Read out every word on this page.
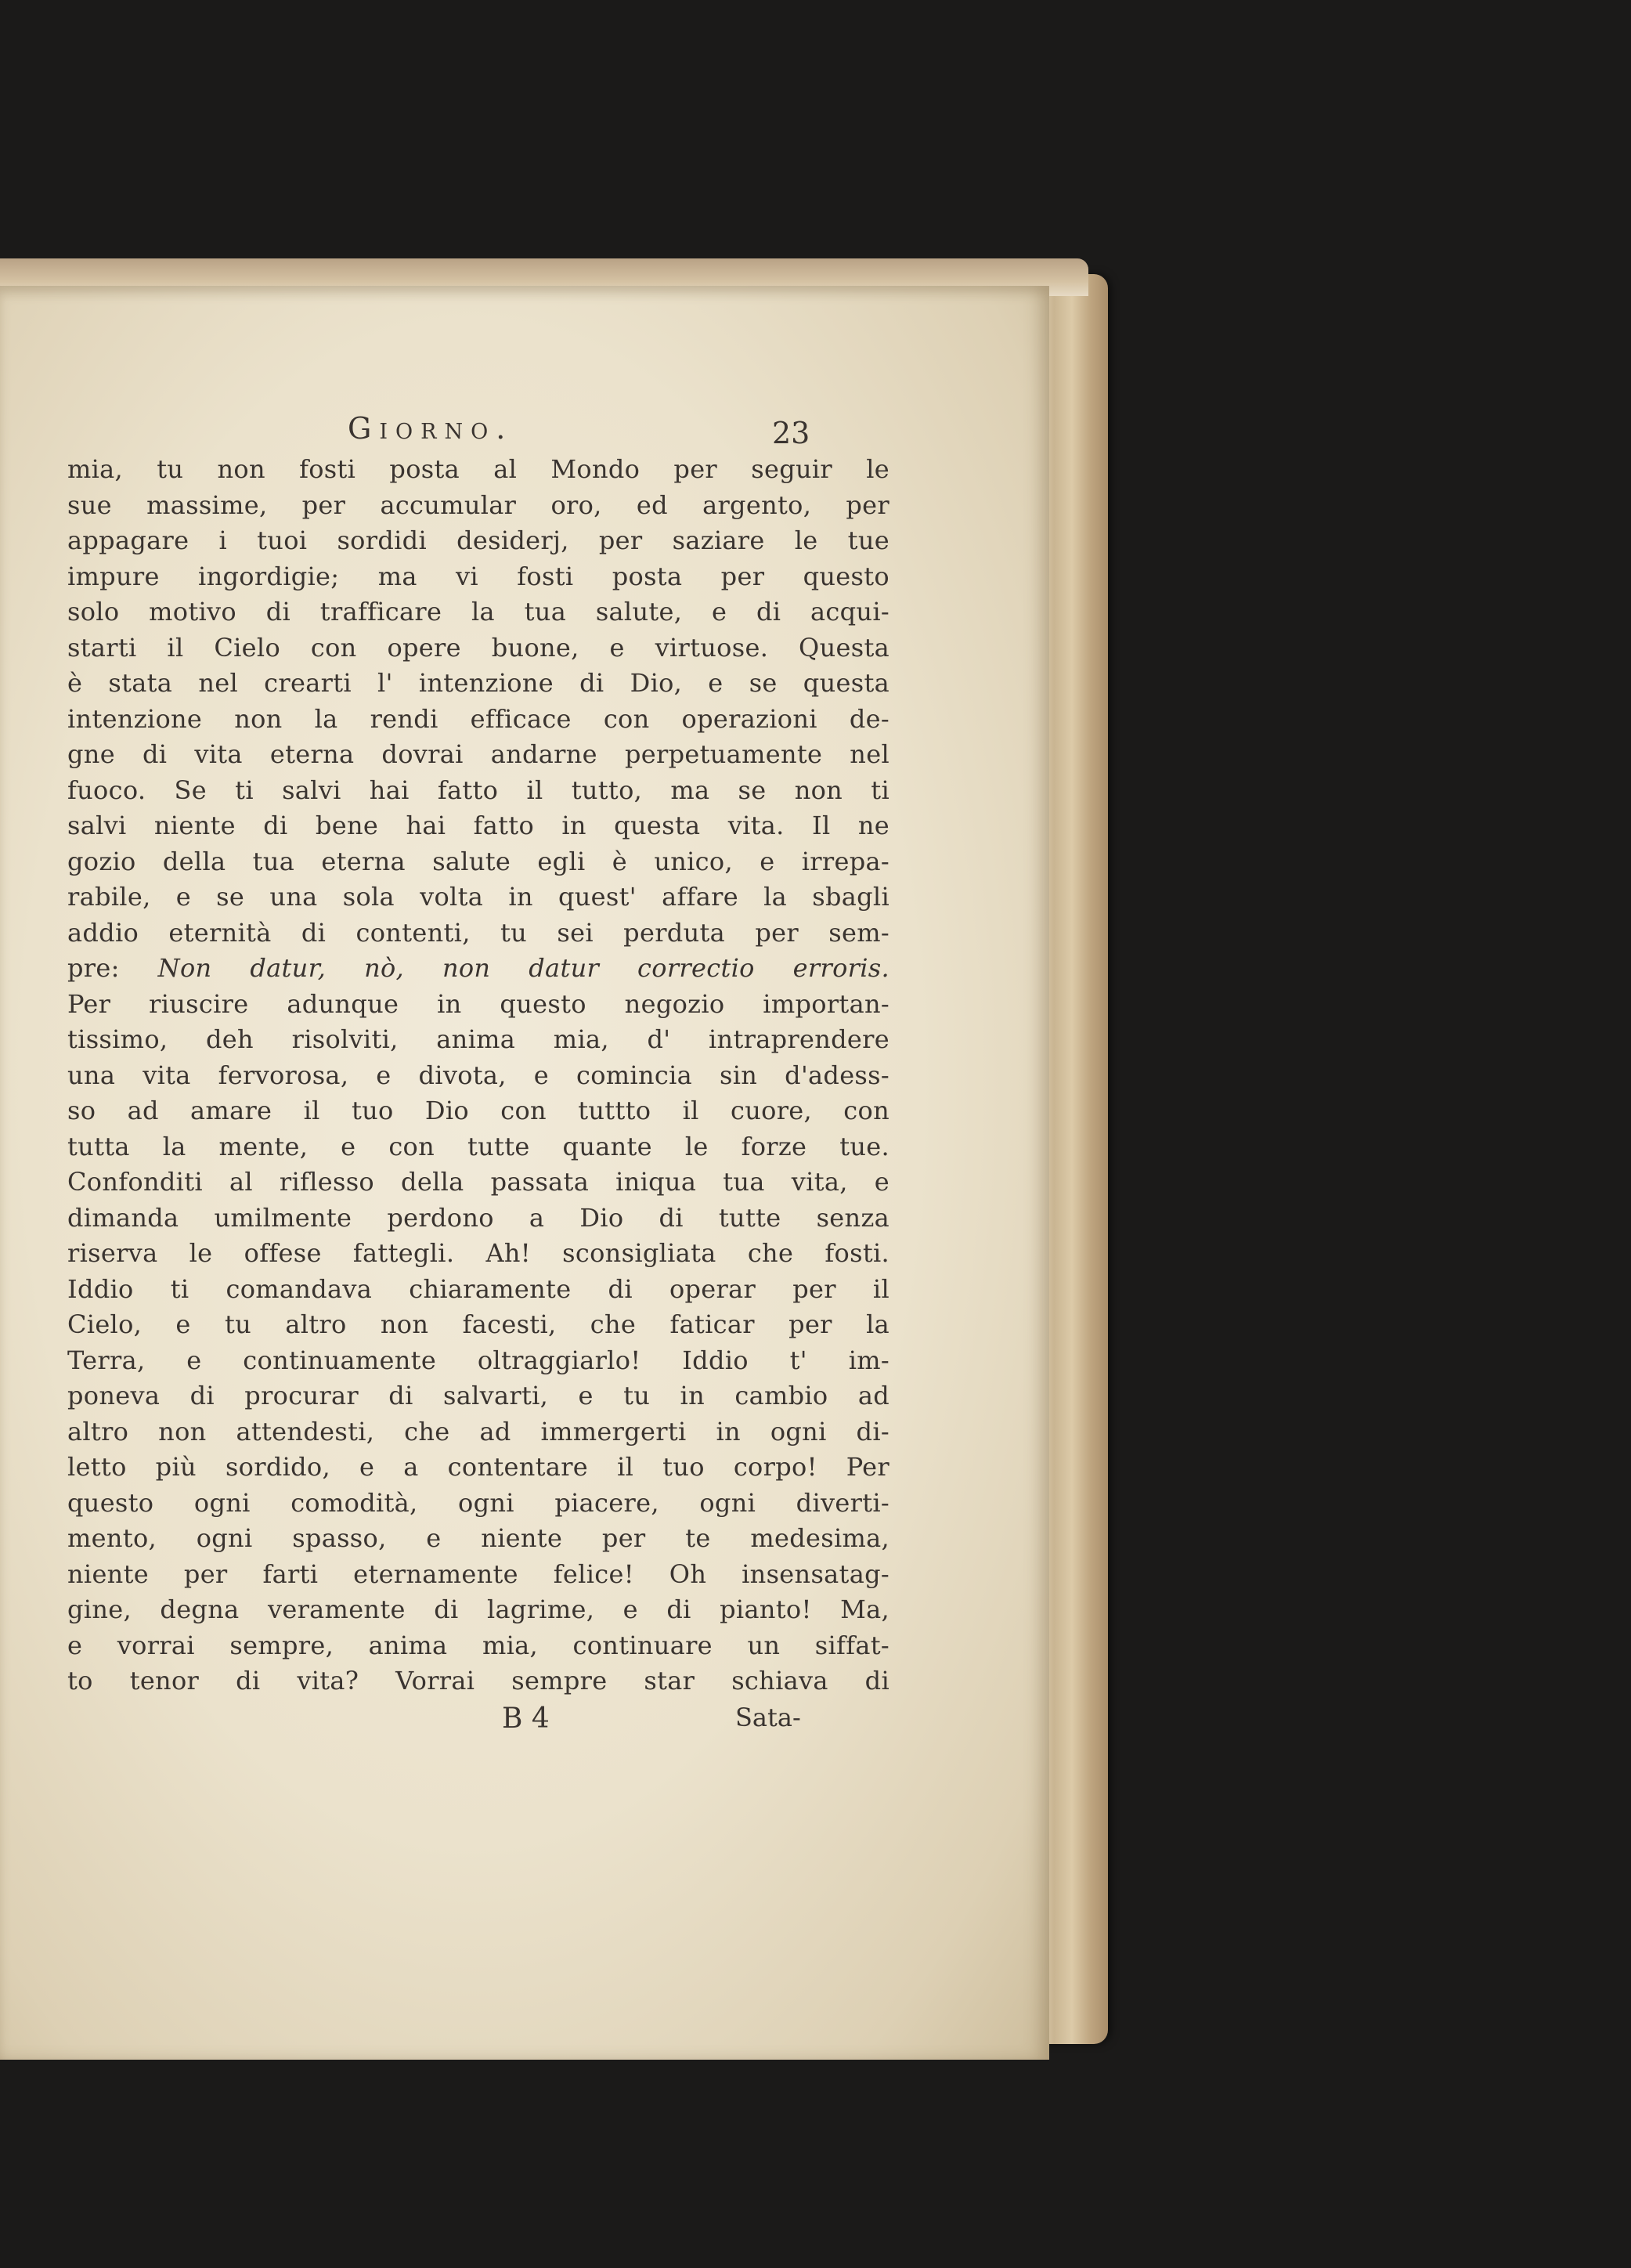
Giorno.	23
mia, tu non fosti posta al Mondo per seguir le
sue massime, per accumular oro, ed argento, per
appagare i tuoi sordidi desiderj, per saziare le tue
impure ingordigie; ma vi fosti posta per questo
solo motivo di trafficare la tua salute, e di acqui-
starti il Cielo con opere buone, e virtuose. Questa
è stata nel crearti l' intenzione di Dio, e se questa
intenzione non la rendi efficace con operazioni de-
gne di vita eterna dovrai andarne perpetuamente nel
fuoco. Se ti salvi hai fatto il tutto, ma se non ti
salvi niente di bene hai fatto in questa vita. Il ne
gozio della tua eterna salute egli è unico, e irrepa-
rabile, e se una sola volta in quest' affare la sbagli
addio eternità di contenti, tu sei perduta per sem-
pre: Non datur, nò, non datur correctio erroris.
Per riuscire adunque in questo negozio importan-
tissimo, deh risolviti, anima mia, d' intraprendere
una vita fervorosa, e divota, e comincia sin d'adess-
so ad amare il tuo Dio con tuttto il cuore, con
tutta la mente, e con tutte quante le forze tue.
Confonditi al riflesso della passata iniqua tua vita, e
dimanda umilmente perdono a Dio di tutte senza
riserva le offese fattegli. Ah! sconsigliata che fosti.
Iddio ti comandava chiaramente di operar per il
Cielo, e tu altro non facesti, che faticar per la
Terra, e continuamente oltraggiarlo! Iddio t' im-
poneva di procurar di salvarti, e tu in cambio ad
altro non attendesti, che ad immergerti in ogni di-
letto più sordido, e a contentare il tuo corpo! Per
questo ogni comodità, ogni piacere, ogni diverti-
mento, ogni spasso, e niente per te medesima,
niente per farti eternamente felice! Oh insensatag-
gine, degna veramente di lagrime, e di pianto! Ma,
e vorrai sempre, anima mia, continuare un siffat-
to tenor di vita? Vorrai sempre star schiava di
B 4	Sata-
